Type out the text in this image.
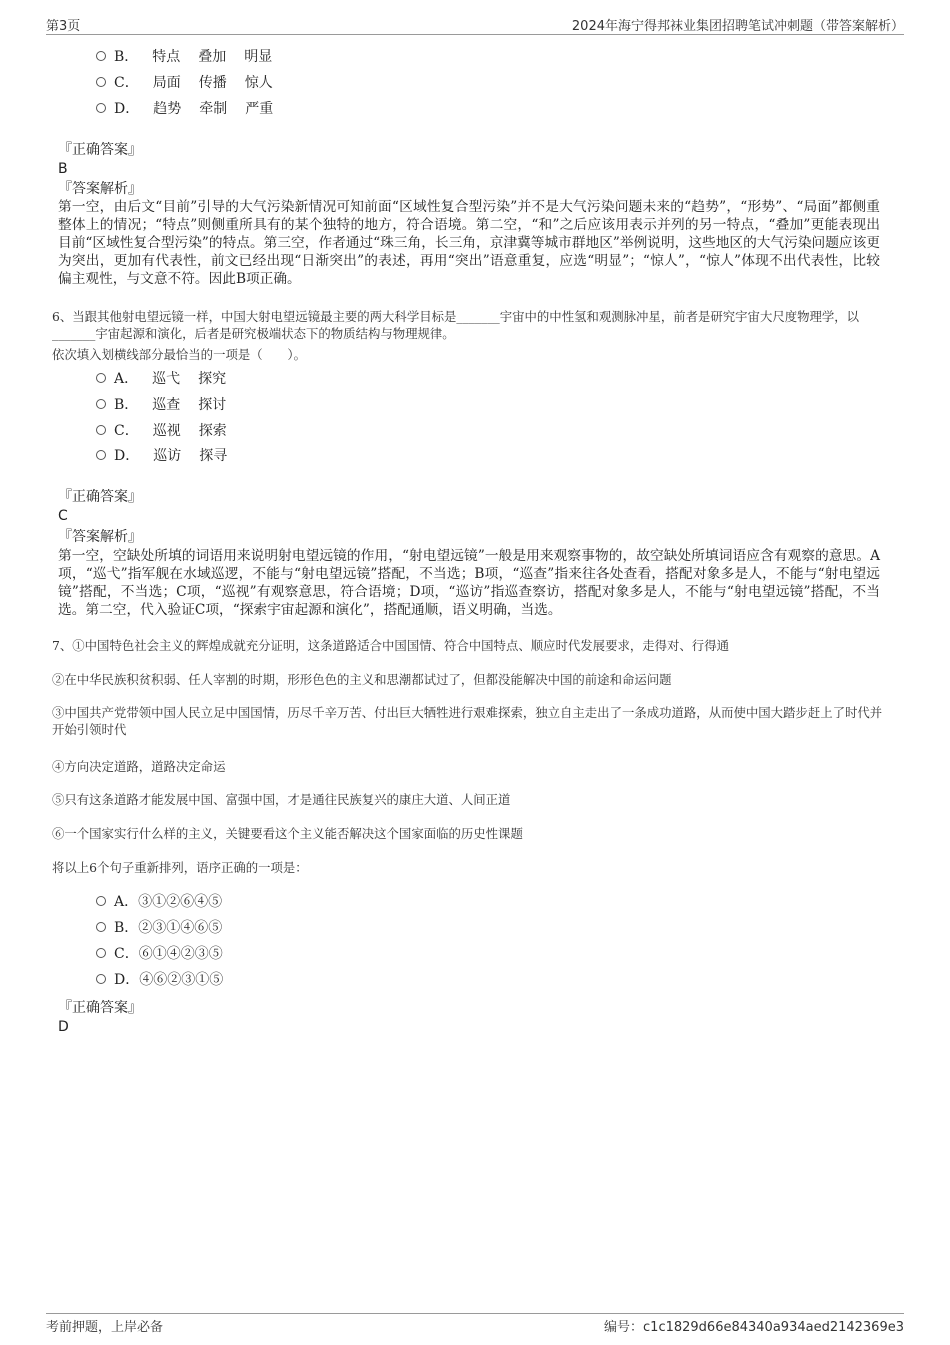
第3页	2024年海宁得邦袜业集团招聘笔试冲刺题（带答案解析）
B． 特点 叠加 明显
C． 局面 传播 惊人
D． 趋势 牵制 严重
『正确答案』
B
『答案解析』

第一空，由后文“目前”引导的大气污染新情况可知前面“区域性复合型污染”并不是大气污染问题未来的“趋势”，“形势”、“局面”都侧重整体上的情况；“特点”则侧重所具有的某个独特的地方，符合语境。第二空，“和”之后应该用表示并列的另一特点，“叠加”更能表现出目前“区域性复合型污染”的特点。第三空，作者通过“珠三角，长三角，京津冀等城市群地区”举例说明，这些地区的大气污染问题应该更为突出，更加有代表性，前文已经出现“日渐突出”的表述，再用“突出”语意重复，应选“明显”；“惊人”，“惊人”体现不出代表性，比较偏主观性，与文意不符。因此B项正确。

6、当跟其他射电望远镜一样，中国大射电望远镜最主要的两大科学目标是_______宇宙中的中性氢和观测脉冲星，前者是研究宇宙大尺度物理学，以_______宇宙起源和演化，后者是研究极端状态下的物质结构与物理规律。

依次填入划横线部分最恰当的一项是（　　）。

A． 巡弋 探究
B． 巡查 探讨
C． 巡视 探索
D． 巡访 探寻
『正确答案』
C
『答案解析』

第一空，空缺处所填的词语用来说明射电望远镜的作用，“射电望远镜”一般是用来观察事物的，故空缺处所填词语应含有观察的意思。A项，“巡弋”指军舰在水域巡逻，不能与“射电望远镜”搭配，不当选；B项，“巡查”指来往各处查看，搭配对象多是人，不能与“射电望远镜”搭配，不当选；C项，“巡视”有观察意思，符合语境；D项，“巡访”指巡查察访，搭配对象多是人，不能与“射电望远镜”搭配，不当选。第二空，代入验证C项，“探索宇宙起源和演化”，搭配通顺，语义明确，当选。

7、①中国特色社会主义的辉煌成就充分证明，这条道路适合中国国情、符合中国特点、顺应时代发展要求，走得对、行得通

②在中华民族积贫积弱、任人宰割的时期，形形色色的主义和思潮都试过了，但都没能解决中国的前途和命运问题

③中国共产党带领中国人民立足中国国情，历尽千辛万苦、付出巨大牺牲进行艰难探索，独立自主走出了一条成功道路，从而使中国大踏步赶上了时代并开始引领时代

④方向决定道路，道路决定命运

⑤只有这条道路才能发展中国、富强中国，才是通往民族复兴的康庄大道、人间正道

⑥一个国家实行什么样的主义，关键要看这个主义能否解决这个国家面临的历史性课题

将以上6个句子重新排列，语序正确的一项是：

A．③①②⑥④⑤
B．②③①④⑥⑤
C．⑥①④②③⑤
D．④⑥②③①⑤
『正确答案』
D
考前押题，上岸必备	编号：c1c1829d66e84340a934aed2142369e3
